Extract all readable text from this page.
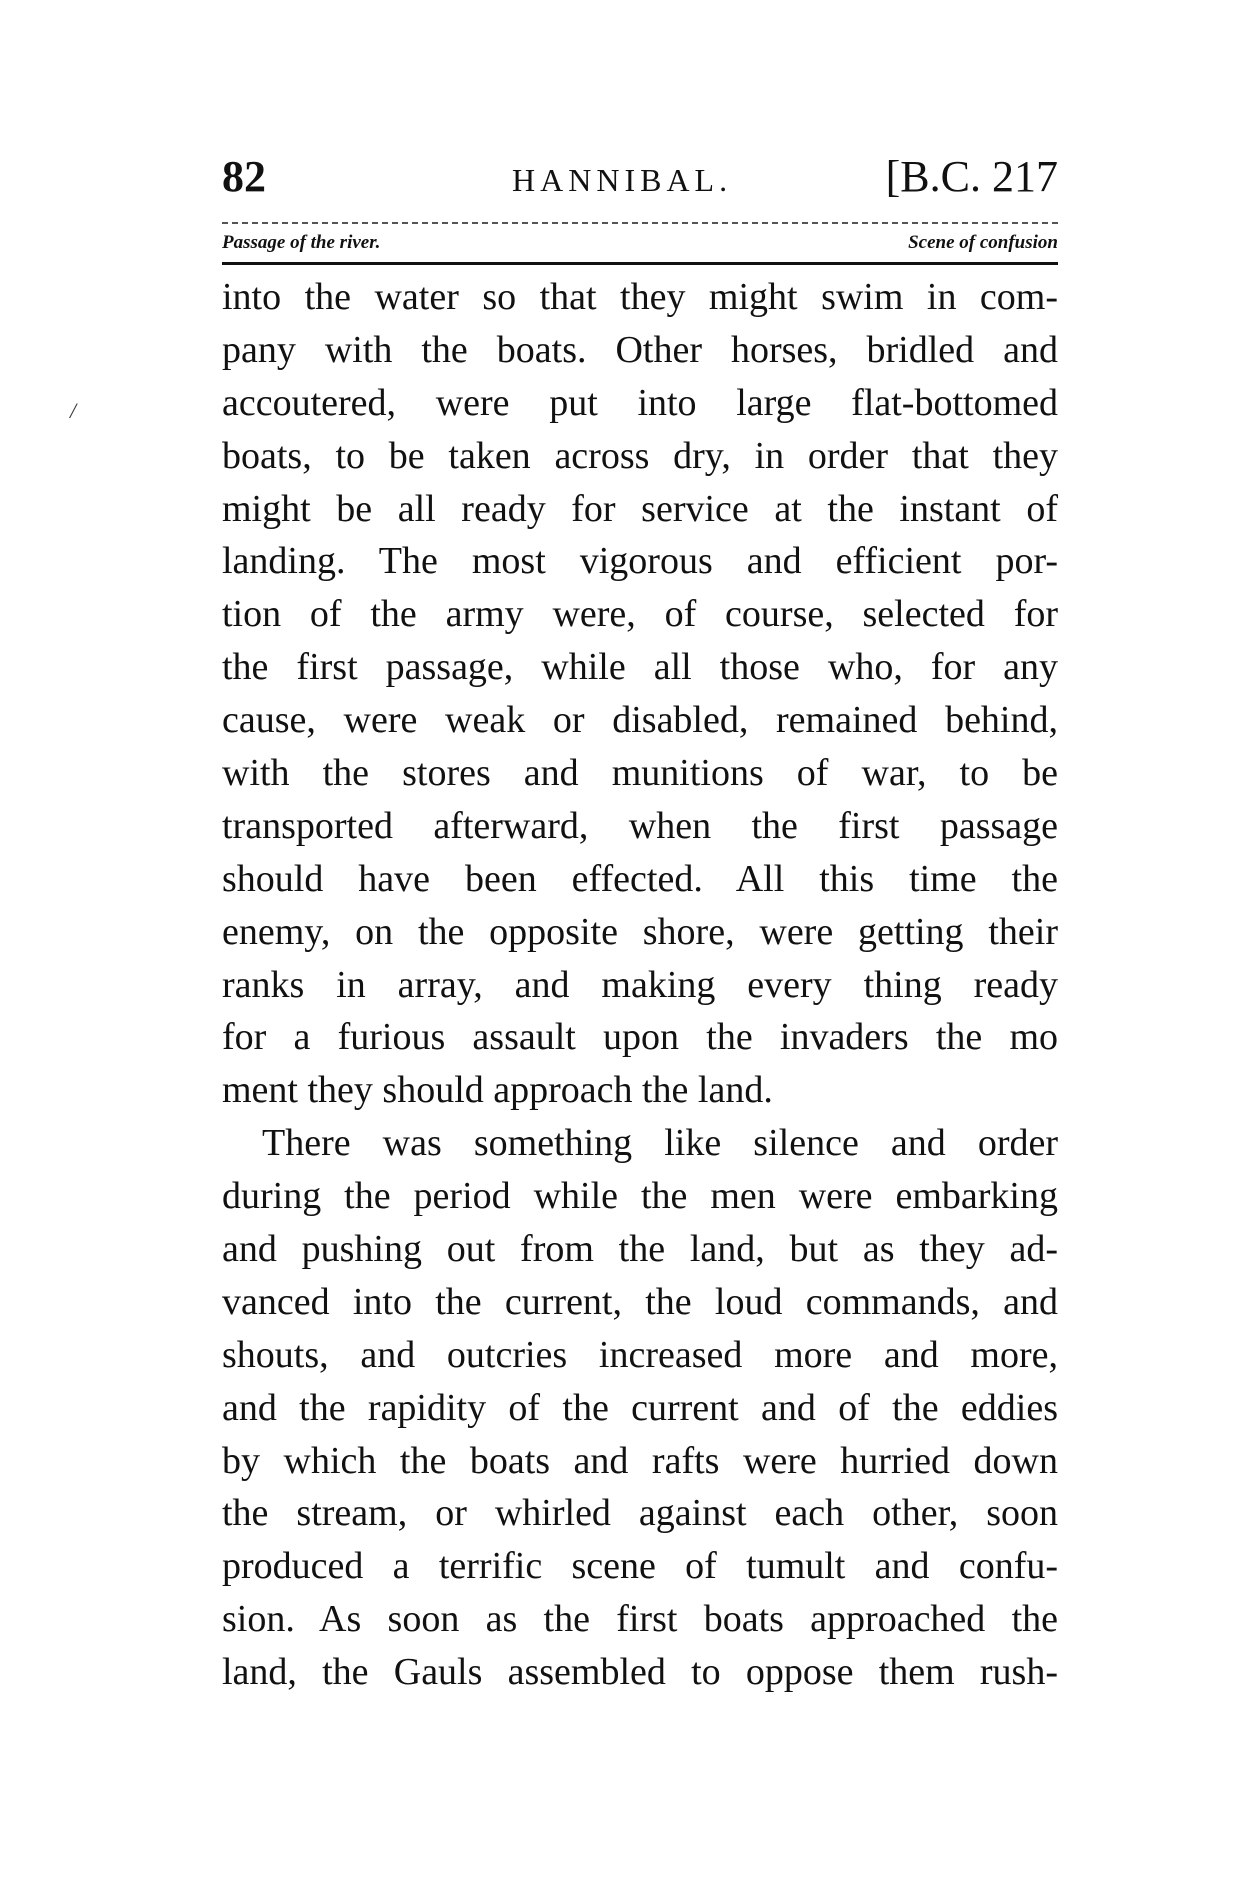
82	HANNIBAL.	[B.C. 217
Passage of the river.	Scene of confusion
/
into the water so that they might swim in com-
pany with the boats. Other horses, bridled and
accoutered, were put into large flat-bottomed
boats, to be taken across dry, in order that they
might be all ready for service at the instant of
landing. The most vigorous and efficient por-
tion of the army were, of course, selected for
the first passage, while all those who, for any
cause, were weak or disabled, remained behind,
with the stores and munitions of war, to be
transported afterward, when the first passage
should have been effected. All this time the
enemy, on the opposite shore, were getting their
ranks in array, and making every thing ready
for a furious assault upon the invaders the mo
ment they should approach the land.
There was something like silence and order
during the period while the men were embarking
and pushing out from the land, but as they ad-
vanced into the current, the loud commands, and
shouts, and outcries increased more and more,
and the rapidity of the current and of the eddies
by which the boats and rafts were hurried down
the stream, or whirled against each other, soon
produced a terrific scene of tumult and confu-
sion. As soon as the first boats approached the
land, the Gauls assembled to oppose them rush-
